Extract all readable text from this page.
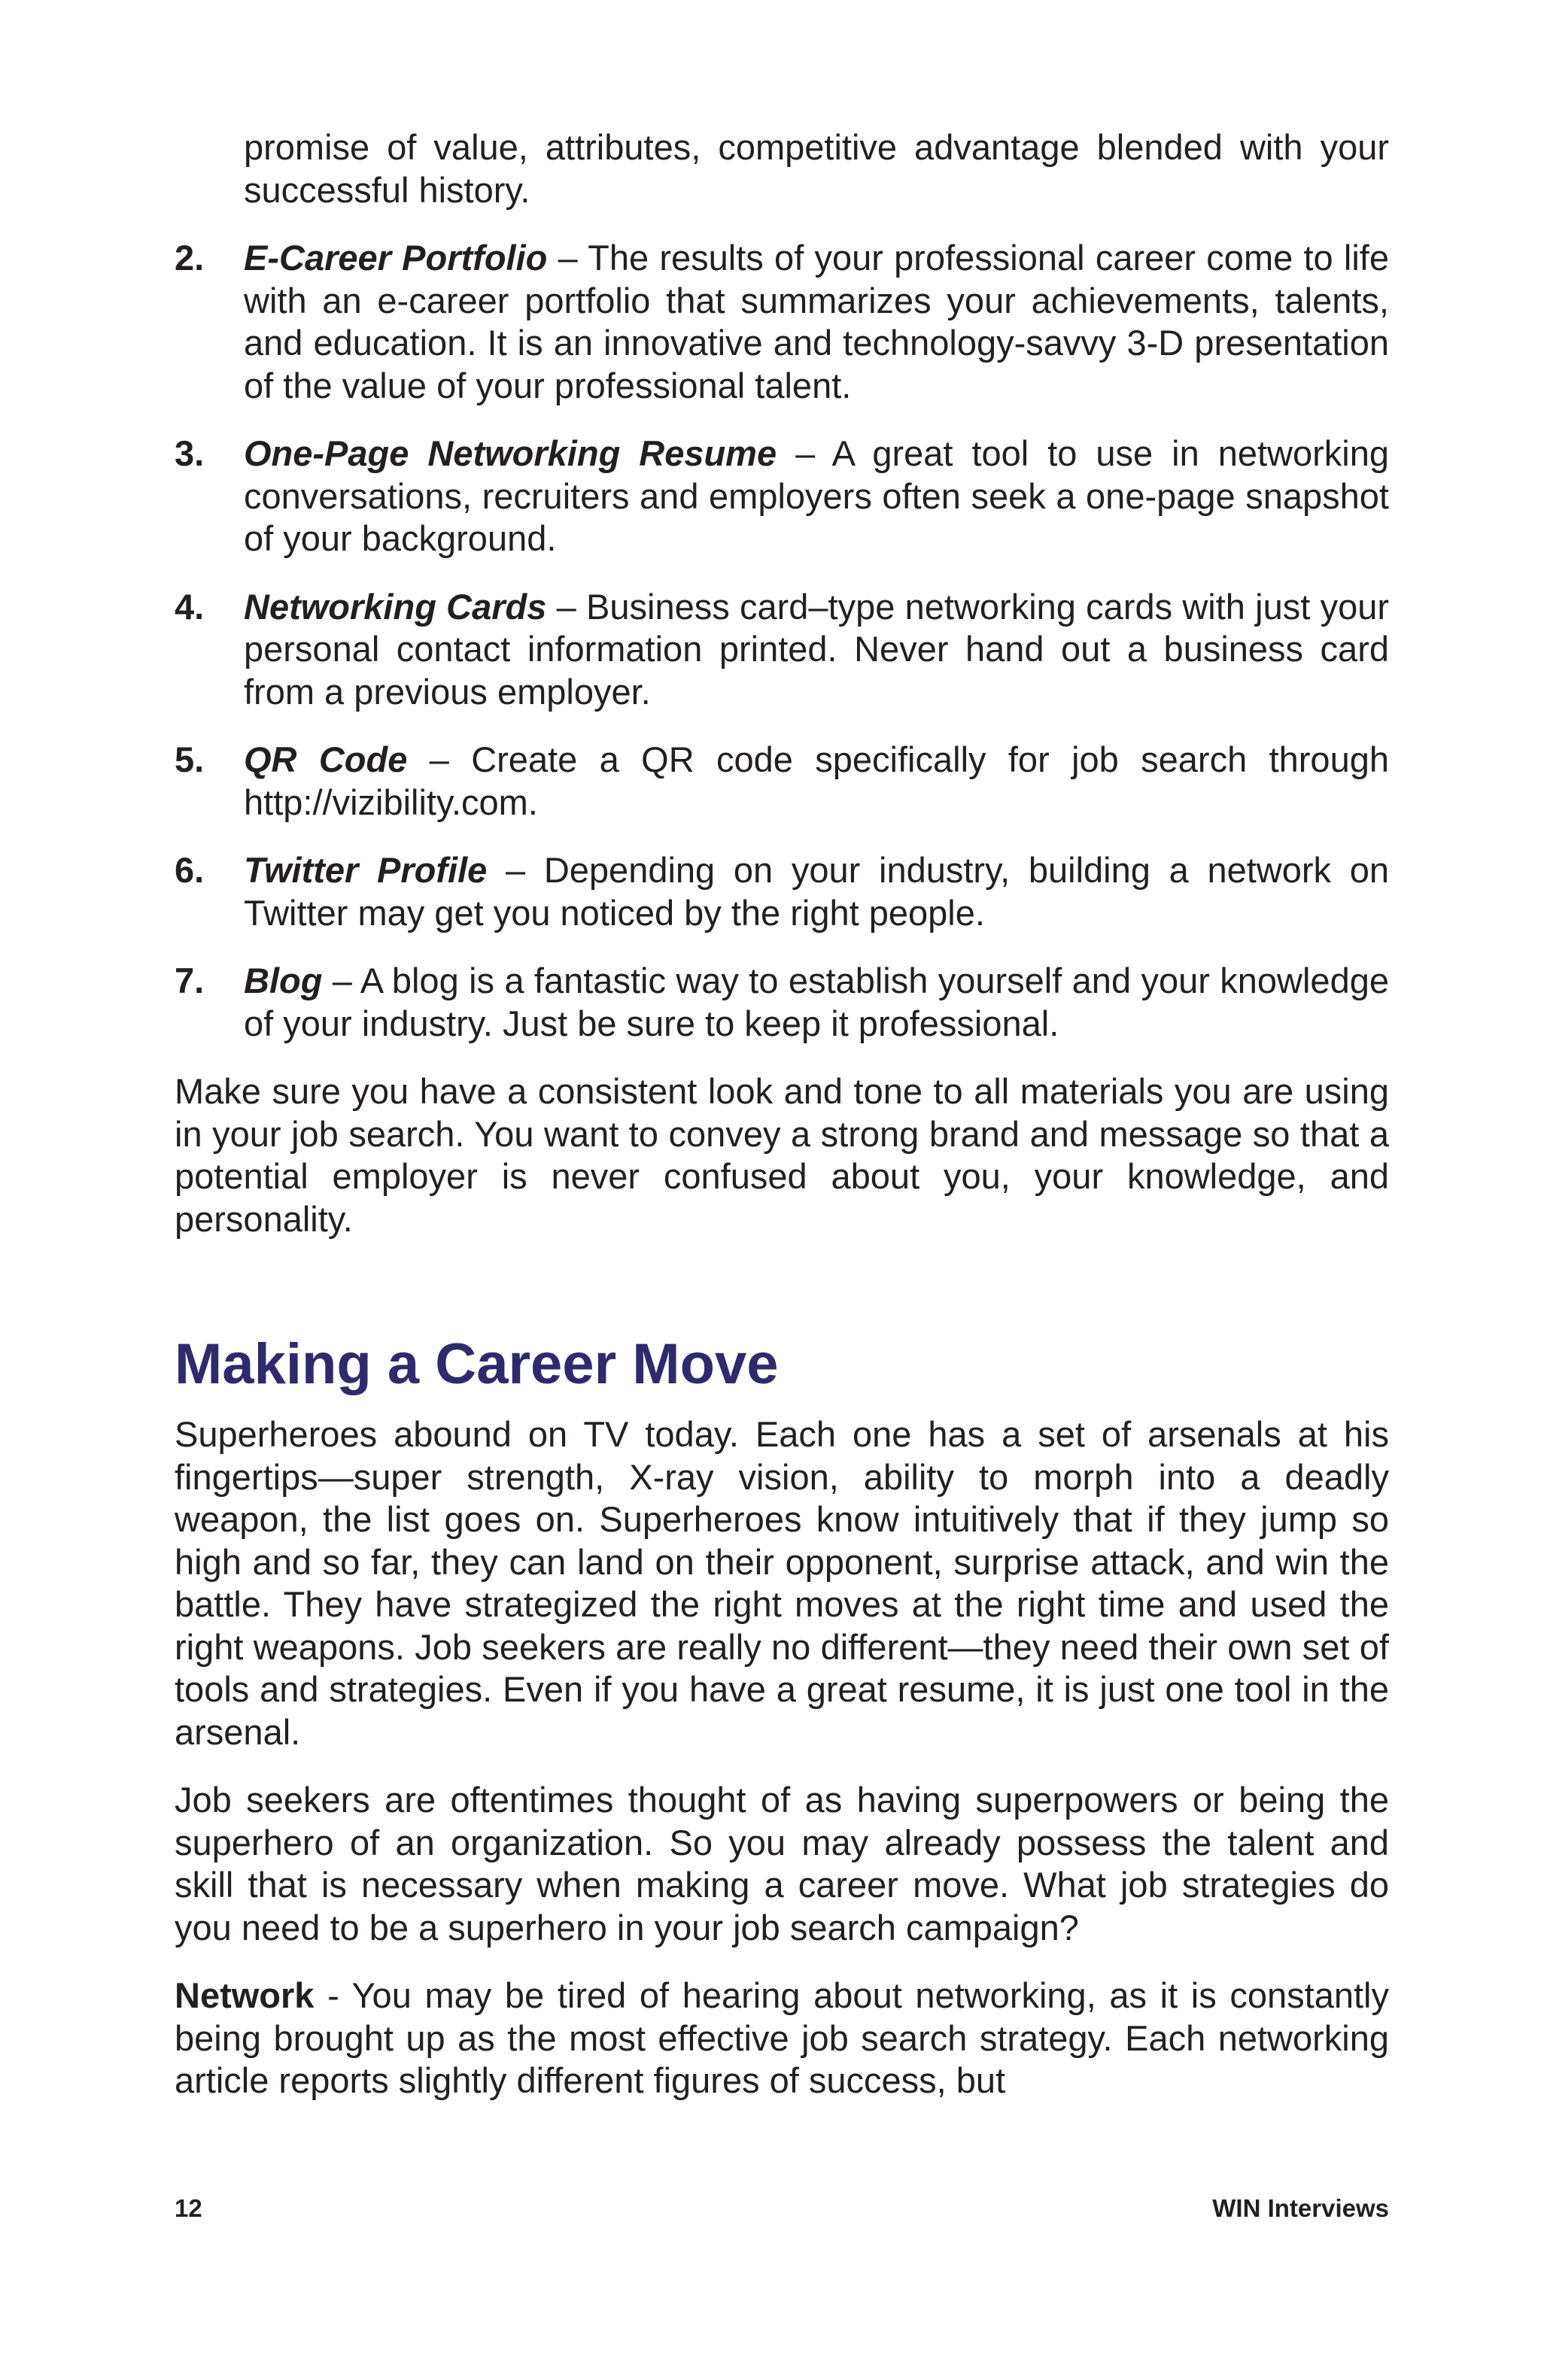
promise of value, attributes, competitive advantage blended with your successful history.

2. E-Career Portfolio – The results of your professional career come to life with an e-career portfolio that summarizes your achievements, talents, and education. It is an innovative and technology-savvy 3-D presentation of the value of your professional talent.

3. One-Page Networking Resume – A great tool to use in networking conversations, recruiters and employers often seek a one-page snapshot of your background.

4. Networking Cards – Business card–type networking cards with just your personal contact information printed. Never hand out a business card from a previous employer.

5. QR Code – Create a QR code specifically for job search through http://vizibility.com.

6. Twitter Profile – Depending on your industry, building a network on Twitter may get you noticed by the right people.

7. Blog – A blog is a fantastic way to establish yourself and your knowledge of your industry. Just be sure to keep it professional.

Make sure you have a consistent look and tone to all materials you are using in your job search. You want to convey a strong brand and message so that a potential employer is never confused about you, your knowledge, and personality.

Making a Career Move

Superheroes abound on TV today. Each one has a set of arsenals at his fingertips—super strength, X-ray vision, ability to morph into a deadly weapon, the list goes on. Superheroes know intuitively that if they jump so high and so far, they can land on their opponent, surprise attack, and win the battle. They have strategized the right moves at the right time and used the right weapons. Job seekers are really no different—they need their own set of tools and strategies. Even if you have a great resume, it is just one tool in the arsenal.

Job seekers are oftentimes thought of as having superpowers or being the superhero of an organization. So you may already possess the talent and skill that is necessary when making a career move. What job strategies do you need to be a superhero in your job search campaign?

Network - You may be tired of hearing about networking, as it is constantly being brought up as the most effective job search strategy. Each networking article reports slightly different figures of success, but

12	WIN Interviews
